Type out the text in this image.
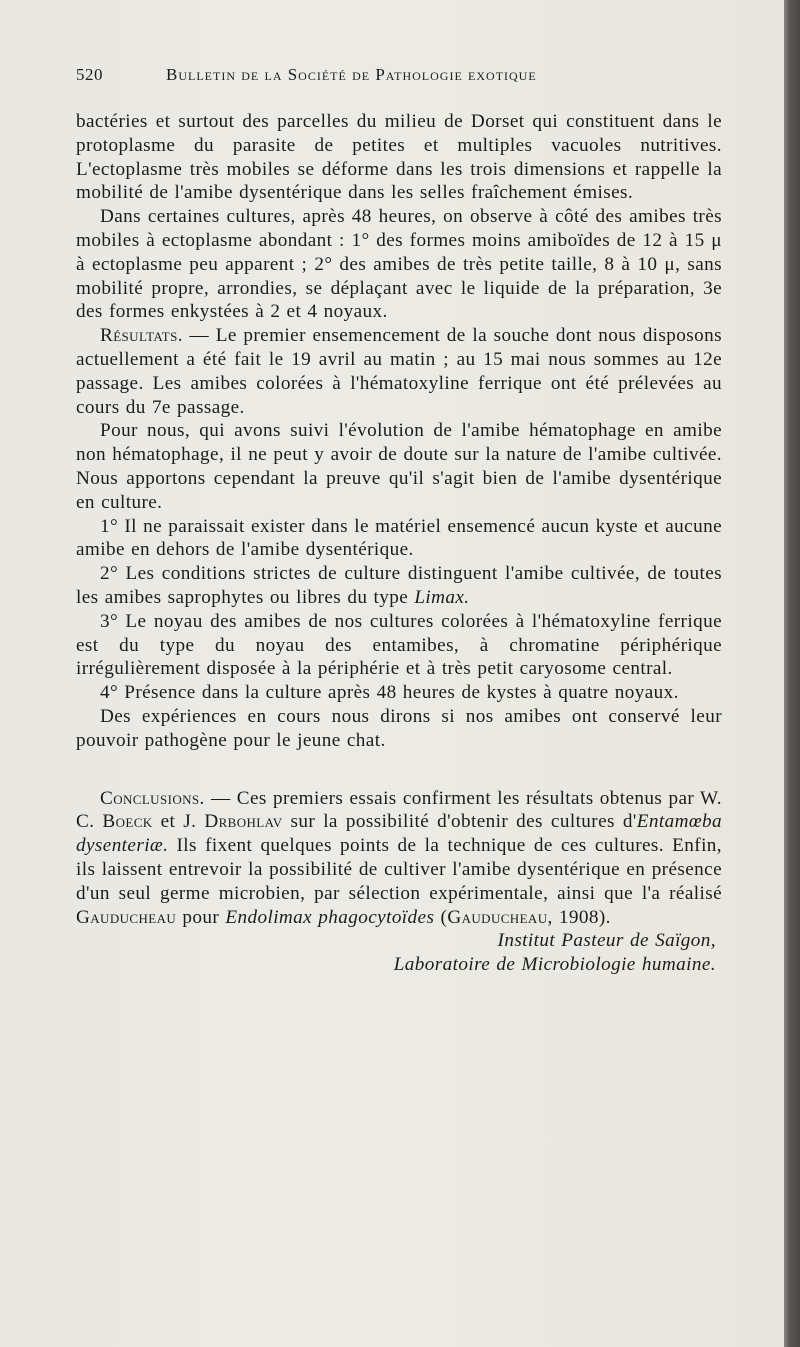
520	Bulletin de la Société de Pathologie exotique

bactéries et surtout des parcelles du milieu de Dorset qui constituent dans le protoplasme du parasite de petites et multiples vacuoles nutritives. L'ectoplasme très mobiles se déforme dans les trois dimensions et rappelle la mobilité de l'amibe dysentérique dans les selles fraîchement émises.

Dans certaines cultures, après 48 heures, on observe à côté des amibes très mobiles à ectoplasme abondant : 1° des formes moins amiboïdes de 12 à 15 μ à ectoplasme peu apparent ; 2° des amibes de très petite taille, 8 à 10 μ, sans mobilité propre, arrondies, se déplaçant avec le liquide de la préparation, 3e des formes enkystées à 2 et 4 noyaux.

Résultats. — Le premier ensemencement de la souche dont nous disposons actuellement a été fait le 19 avril au matin ; au 15 mai nous sommes au 12e passage. Les amibes colorées à l'hématoxyline ferrique ont été prélevées au cours du 7e passage.

Pour nous, qui avons suivi l'évolution de l'amibe hématophage en amibe non hématophage, il ne peut y avoir de doute sur la nature de l'amibe cultivée. Nous apportons cependant la preuve qu'il s'agit bien de l'amibe dysentérique en culture.

1° Il ne paraissait exister dans le matériel ensemencé aucun kyste et aucune amibe en dehors de l'amibe dysentérique.

2° Les conditions strictes de culture distinguent l'amibe cultivée, de toutes les amibes saprophytes ou libres du type Limax.

3° Le noyau des amibes de nos cultures colorées à l'hématoxyline ferrique est du type du noyau des entamibes, à chromatine périphérique irrégulièrement disposée à la périphérie et à très petit caryosome central.

4° Présence dans la culture après 48 heures de kystes à quatre noyaux.

Des expériences en cours nous dirons si nos amibes ont conservé leur pouvoir pathogène pour le jeune chat.

Conclusions. — Ces premiers essais confirment les résultats obtenus par W. C. Boeck et J. Drbohlav sur la possibilité d'obtenir des cultures d'Entamœba dysenteriæ. Ils fixent quelques points de la technique de ces cultures. Enfin, ils laissent entrevoir la possibilité de cultiver l'amibe dysentérique en présence d'un seul germe microbien, par sélection expérimentale, ainsi que l'a réalisé Gauducheau pour Endolimax phagocytoïdes (Gauducheau, 1908).

Institut Pasteur de Saïgon,

Laboratoire de Microbiologie humaine.
